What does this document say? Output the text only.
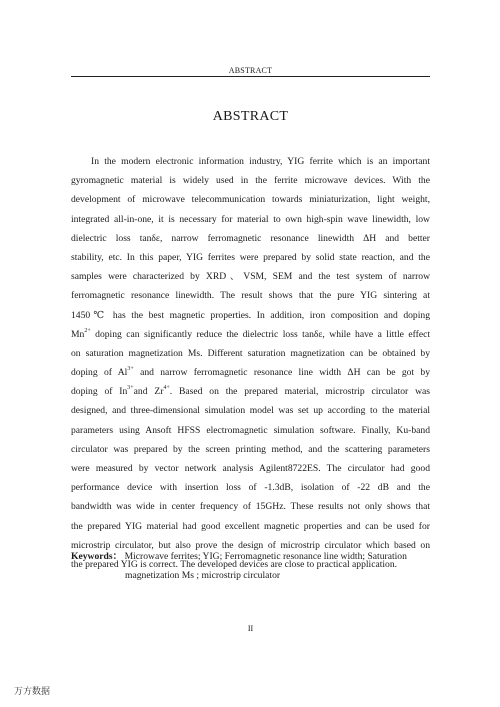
ABSTRACT
ABSTRACT
In the modern electronic information industry, YIG ferrite which is an important
gyromagnetic material is widely used in the ferrite microwave devices. With the
development of microwave telecommunication towards miniaturization, light weight,
integrated all-in-one, it is necessary for material to own high-spin wave linewidth, low
dielectric loss tanδε, narrow ferromagnetic resonance linewidth ΔH and better
stability, etc. In this paper, YIG ferrites were prepared by solid state reaction, and the
samples were characterized by XRD、VSM, SEM and the test system of narrow
ferromagnetic resonance linewidth. The result shows that the pure YIG sintering at
1450℃ has the best magnetic properties. In addition, iron composition and doping
$Mn^{2+}$ doping can significantly reduce the dielectric loss tanδε, while have a little effect
on saturation magnetization Ms. Different saturation magnetization can be obtained by
doping of $Al^{3+}$ and narrow ferromagnetic resonance line width ΔH can be got by
doping of $In^{3+}and$ $Zr^{4+}$. Based on the prepared material, microstrip circulator was
designed, and three-dimensional simulation model was set up according to the material
parameters using Ansoft HFSS electromagnetic simulation software. Finally, Ku-band
circulator was prepared by the screen printing method, and the scattering parameters
were measured by vector network analysis Agilent8722ES. The circulator had good
performance device with insertion loss of -1.3dB, isolation of -22 dB and the
bandwidth was wide in center frequency of 15GHz. These results not only shows that
the prepared YIG material had good excellent magnetic properties and can be used for
microstrip circulator, but also prove the design of microstrip circulator which based on
the prepared YIG is correct. The developed devices are close to practical application.
Keywords： Microwave ferrites; YIG; Ferromagnetic resonance line width; Saturation
magnetization Ms ; microstrip circulator
II
万方数据
